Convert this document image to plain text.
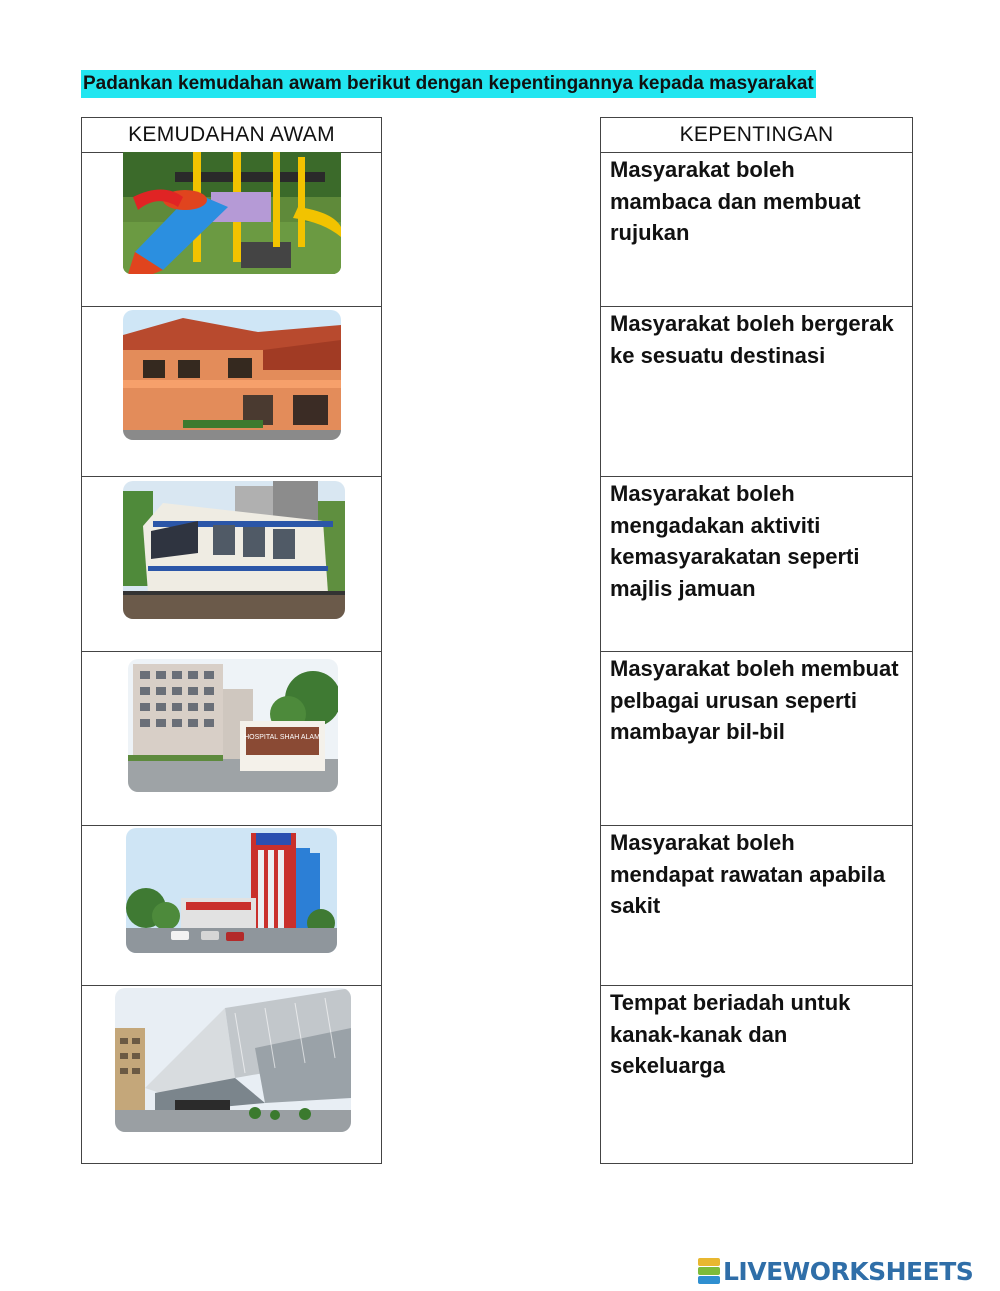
Padankan kemudahan awam berikut dengan kepentingannya kepada masyarakat
KEMUDAHAN AWAM
HOSPITAL SHAH ALAM
KEPENTINGAN
Masyarakat boleh mambaca dan membuat rujukan
Masyarakat boleh bergerak ke sesuatu destinasi
Masyarakat boleh mengadakan aktiviti kemasyarakatan seperti majlis jamuan
Masyarakat boleh membuat pelbagai urusan seperti mambayar bil-bil
Masyarakat boleh mendapat rawatan apabila sakit
Tempat beriadah untuk kanak-kanak dan sekeluarga
LIVEWORKSHEETS
